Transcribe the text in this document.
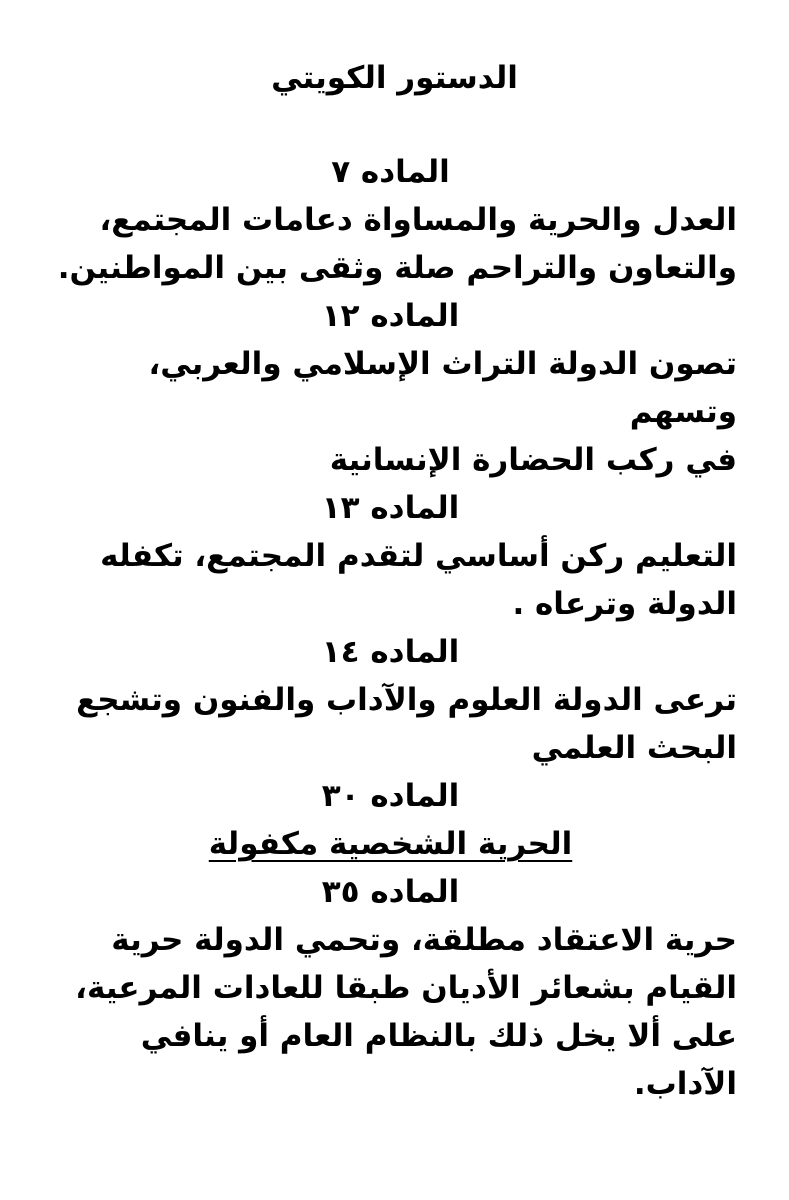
الدستور الكويتي

الماده ٧

العدل والحرية والمساواة دعامات المجتمع،

والتعاون والتراحم صلة وثقى بين المواطنين.

الماده ١٢

تصون الدولة التراث الإسلامي والعربي، وتسهم

في ركب الحضارة الإنسانية

الماده ١٣

التعليم ركن أساسي لتقدم المجتمع، تكفله

الدولة وترعاه .

الماده ١٤

ترعى الدولة العلوم والآداب والفنون وتشجع

البحث العلمي

الماده ٣٠

الحرية الشخصية مكفولة

الماده ٣٥

حرية الاعتقاد مطلقة، وتحمي الدولة حرية

القيام بشعائر الأديان طبقا للعادات المرعية،

على ألا يخل ذلك بالنظام العام أو ينافي الآداب.
